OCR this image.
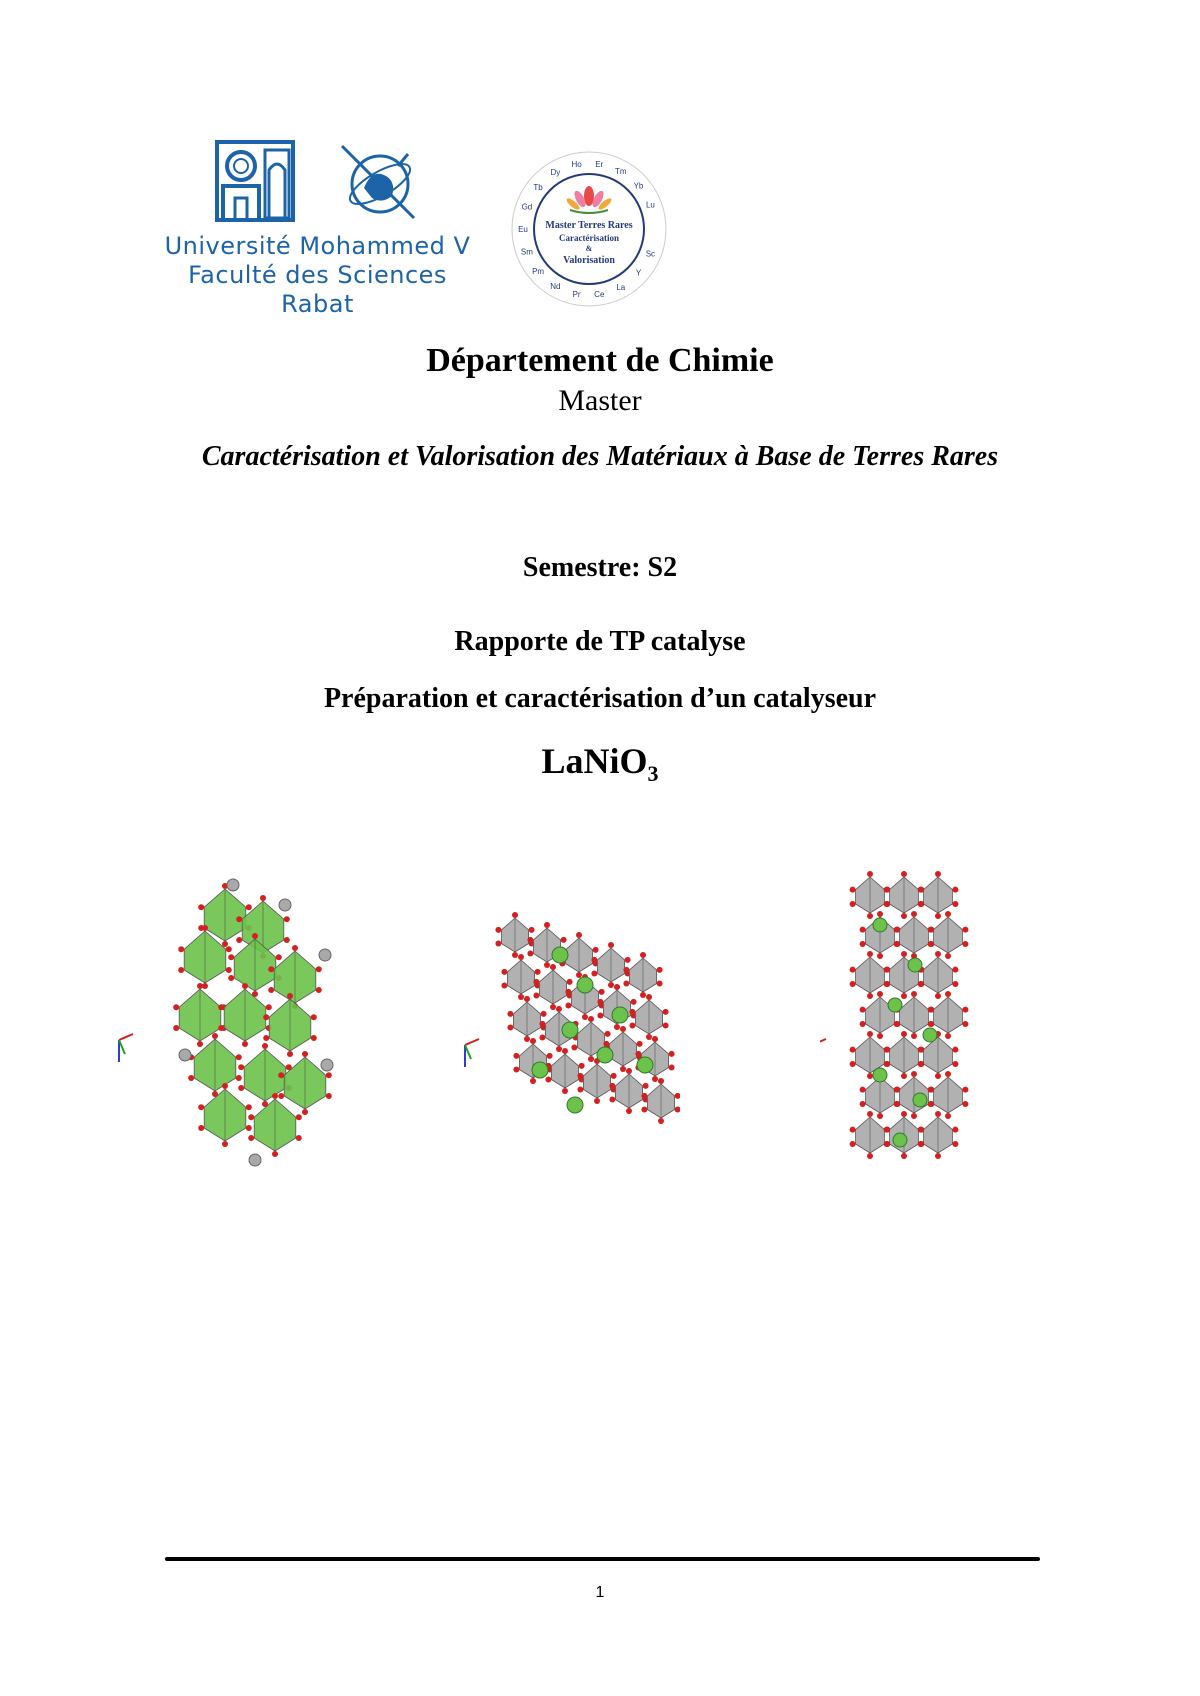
Université Mohammed V
Faculté des Sciences
Rabat
Sc
Y
La
Ce
Pr
Nd
Pm
Sm
Eu
Gd
Tb
Dy
Ho Er
Tm
Yb
Lu
Master Terres Rares
Caractérisation
&
Valorisation
Département de Chimie
Master
Caractérisation et Valorisation des Matériaux à Base de Terres Rares
Semestre: S2
Rapporte de TP catalyse
Préparation et caractérisation d’un catalyseur
LaNiO$_3$
1
